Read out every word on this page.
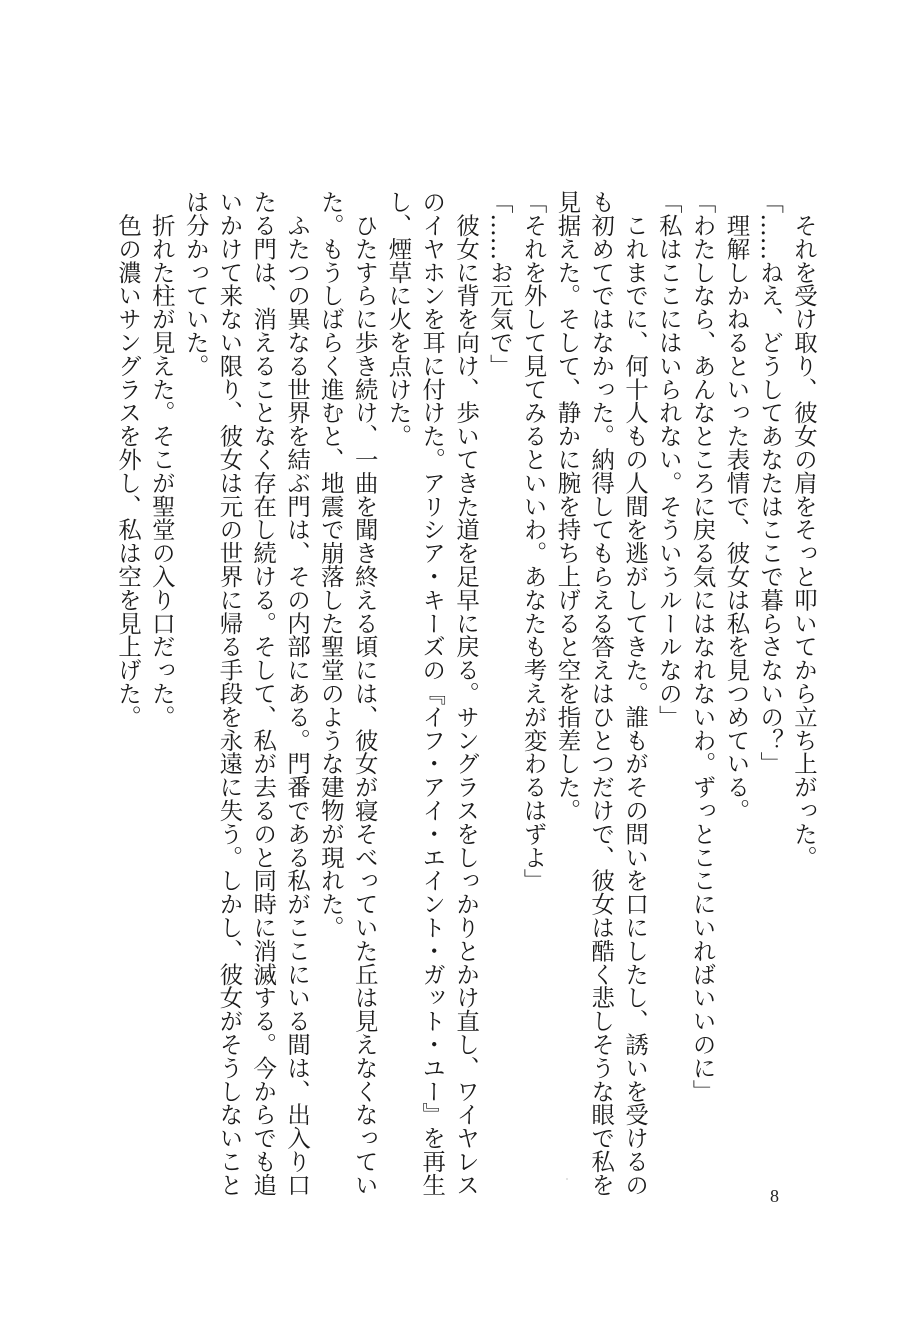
　それを受け取り、彼女の肩をそっと叩いてから立ち上がった。
「……ねえ、どうしてあなたはここで暮らさないの？」
　理解しかねるといった表情で、彼女は私を見つめている。
「わたしなら、あんなところに戻る気にはなれないわ。ずっとここにいればいいのに」
「私はここにはいられない。そういうルールなの」
　これまでに、何十人もの人間を逃がしてきた。誰もがその問いを口にしたし、誘いを受けるの
も初めてではなかった。納得してもらえる答えはひとつだけで、彼女は酷く悲しそうな眼で私を
見据えた。そして、静かに腕を持ち上げると空を指差した。
「それを外して見てみるといいわ。あなたも考えが変わるはずよ」
「……お元気で」
　彼女に背を向け、歩いてきた道を足早に戻る。サングラスをしっかりとかけ直し、ワイヤレス
のイヤホンを耳に付けた。アリシア・キーズの『イフ・アイ・エイント・ガット・ユー』を再生
し、煙草に火を点けた。
　ひたすらに歩き続け、一曲を聞き終える頃には、彼女が寝そべっていた丘は見えなくなってい
た。もうしばらく進むと、地震で崩落した聖堂のような建物が現れた。
　ふたつの異なる世界を結ぶ門は、その内部にある。門番である私がここにいる間は、出入り口
たる門は、消えることなく存在し続ける。そして、私が去るのと同時に消滅する。今からでも追
いかけて来ない限り、彼女は元の世界に帰る手段を永遠に失う。しかし、彼女がそうしないこと
は分かっていた。
　折れた柱が見えた。そこが聖堂の入り口だった。
　色の濃いサングラスを外し、私は空を見上げた。
8
